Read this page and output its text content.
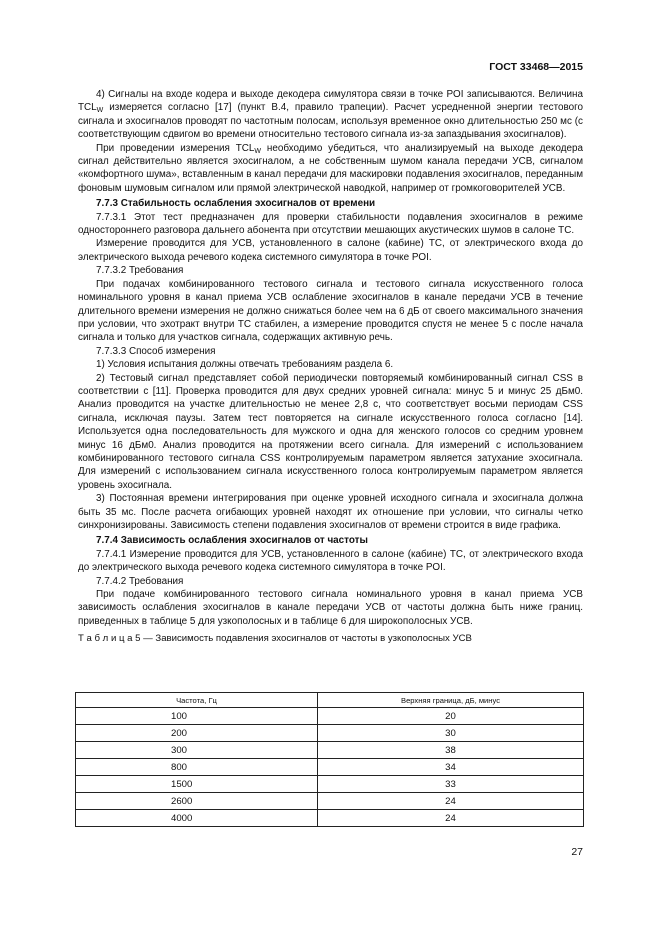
ГОСТ 33468—2015

4) Сигналы на входе кодера и выходе декодера симулятора связи в точке POI записываются. Величина $TCL_W$ измеряется согласно [17] (пункт В.4, правило трапеции). Расчет усредненной энергии тестового сигнала и эхосигналов проводят по частотным полосам, используя временное окно длительностью 250 мс (с соответствующим сдвигом во времени относительно тестового сигнала из-за запаздывания эхосигналов).

При проведении измерения $TCL_W$ необходимо убедиться, что анализируемый на выходе декодера сигнал действительно является эхосигналом, а не собственным шумом канала передачи УСВ, сигналом «комфортного шума», вставленным в канал передачи для маскировки подавления эхосигналов, переданным фоновым шумовым сигналом или прямой электрической наводкой, например от громкоговорителей УСВ.

7.7.3 Стабильность ослабления эхосигналов от времени

7.7.3.1 Этот тест предназначен для проверки стабильности подавления эхосигналов в режиме одностороннего разговора дальнего абонента при отсутствии мешающих акустических шумов в салоне ТС.

Измерение проводится для УСВ, установленного в салоне (кабине) ТС, от электрического входа до электрического выхода речевого кодека системного симулятора в точке POI.

7.7.3.2 Требования

При подачах комбинированного тестового сигнала и тестового сигнала искусственного голоса номинального уровня в канал приема УСВ ослабление эхосигналов в канале передачи УСВ в течение длительного времени измерения не должно снижаться более чем на 6 дБ от своего максимального значения при условии, что эхотракт внутри ТС стабилен, а измерение проводится спустя не менее 5 с после начала сигнала и только для участков сигнала, содержащих активную речь.

7.7.3.3 Способ измерения

1) Условия испытания должны отвечать требованиям раздела 6.

2) Тестовый сигнал представляет собой периодически повторяемый комбинированный сигнал CSS в соответствии с [11]. Проверка проводится для двух средних уровней сигнала: минус 5 и минус 25 дБм0. Анализ проводится на участке длительностью не менее 2,8 с, что соответствует восьми периодам CSS сигнала, исключая паузы. Затем тест повторяется на сигнале искусственного голоса согласно [14]. Используется одна последовательность для мужского и одна для женского голосов со средним уровнем минус 16 дБм0. Анализ проводится на протяжении всего сигнала. Для измерений с использованием комбинированного тестового сигнала CSS контролируемым параметром является затухание эхосигнала. Для измерений с использованием сигнала искусственного голоса контролируемым параметром является уровень эхосигнала.

3) Постоянная времени интегрирования при оценке уровней исходного сигнала и эхосигнала должна быть 35 мс. После расчета огибающих уровней находят их отношение при условии, что сигналы четко синхронизированы. Зависимость степени подавления эхосигналов от времени строится в виде графика.

7.7.4 Зависимость ослабления эхосигналов от частоты

7.7.4.1 Измерение проводится для УСВ, установленного в салоне (кабине) ТС, от электрического входа до электрического выхода речевого кодека системного симулятора в точке POI.

7.7.4.2 Требования

При подаче комбинированного тестового сигнала номинального уровня в канал приема УСВ зависимость ослабления эхосигналов в канале передачи УСВ от частоты должна быть ниже границ. приведенных в таблице 5 для узкополосных и в таблице 6 для широкополосных УСВ.

Т а б л и ц а 5 — Зависимость подавления эхосигналов от частоты в узкополосных УСВ

Частота, Гц	Верхняя граница, дБ, минус
100	20
200	30
300	38
800	34
1500	33
2600	24
4000	24
27
